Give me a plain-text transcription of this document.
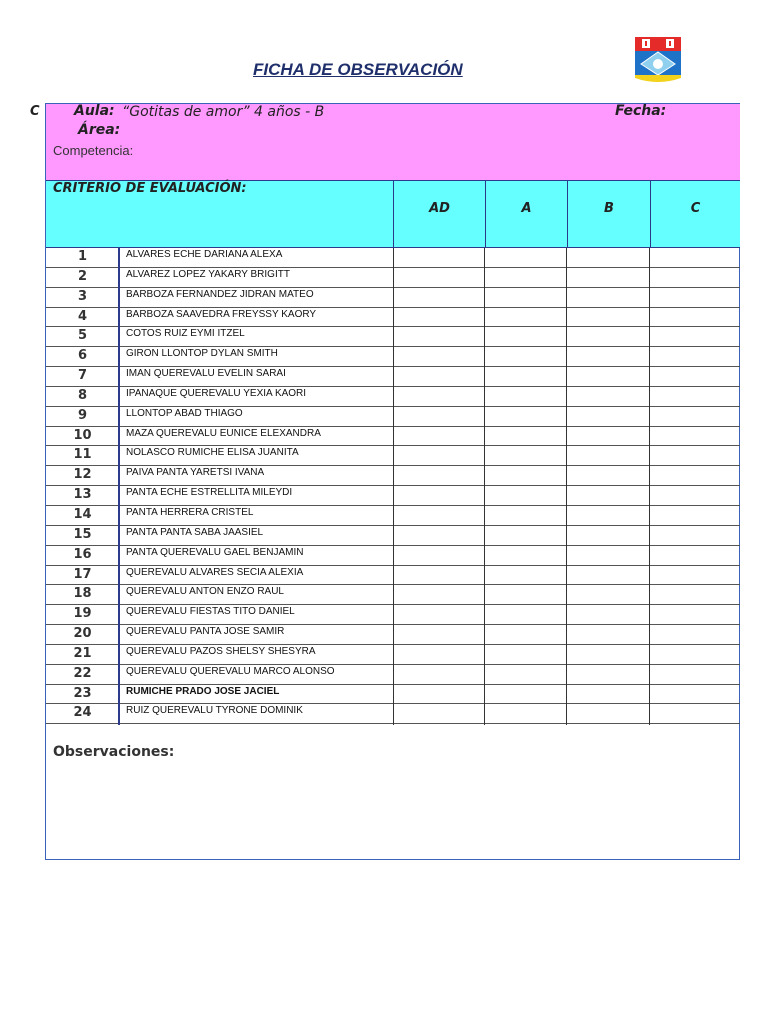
FICHA DE OBSERVACIÓN
C Aula: “Gotitas de amor” 4 años - B	Fecha:
Área:
Competencia:
CRITERIO DE EVALUACIÓN:
AD	A	B	C
1	ALVARES ECHE DARIANA ALEXA
2	ALVAREZ LOPEZ YAKARY BRIGITT
3	BARBOZA FERNANDEZ JIDRAN MATEO
4	BARBOZA SAAVEDRA FREYSSY KAORY
5	COTOS RUIZ EYMI ITZEL
6	GIRON LLONTOP DYLAN SMITH
7	IMAN QUEREVALU EVELIN SARAI
8	IPANAQUE QUEREVALU YEXIA KAORI
9	LLONTOP ABAD THIAGO
10	MAZA QUEREVALU EUNICE ELEXANDRA
11	NOLASCO RUMICHE ELISA JUANITA
12	PAIVA PANTA YARETSI IVANA
13	PANTA ECHE ESTRELLITA MILEYDI
14	PANTA HERRERA CRISTEL
15	PANTA PANTA SABA JAASIEL
16	PANTA QUEREVALU GAEL BENJAMIN
17	QUEREVALU ALVARES SECIA ALEXIA
18	QUEREVALU ANTON ENZO RAUL
19	QUEREVALU FIESTAS TITO DANIEL
20	QUEREVALU PANTA JOSE SAMIR
21	QUEREVALU PAZOS SHELSY SHESYRA
22	QUEREVALU QUEREVALU MARCO ALONSO
23	RUMICHE PRADO JOSE JACIEL
24	RUIZ QUEREVALU TYRONE DOMINIK
Observaciones:
